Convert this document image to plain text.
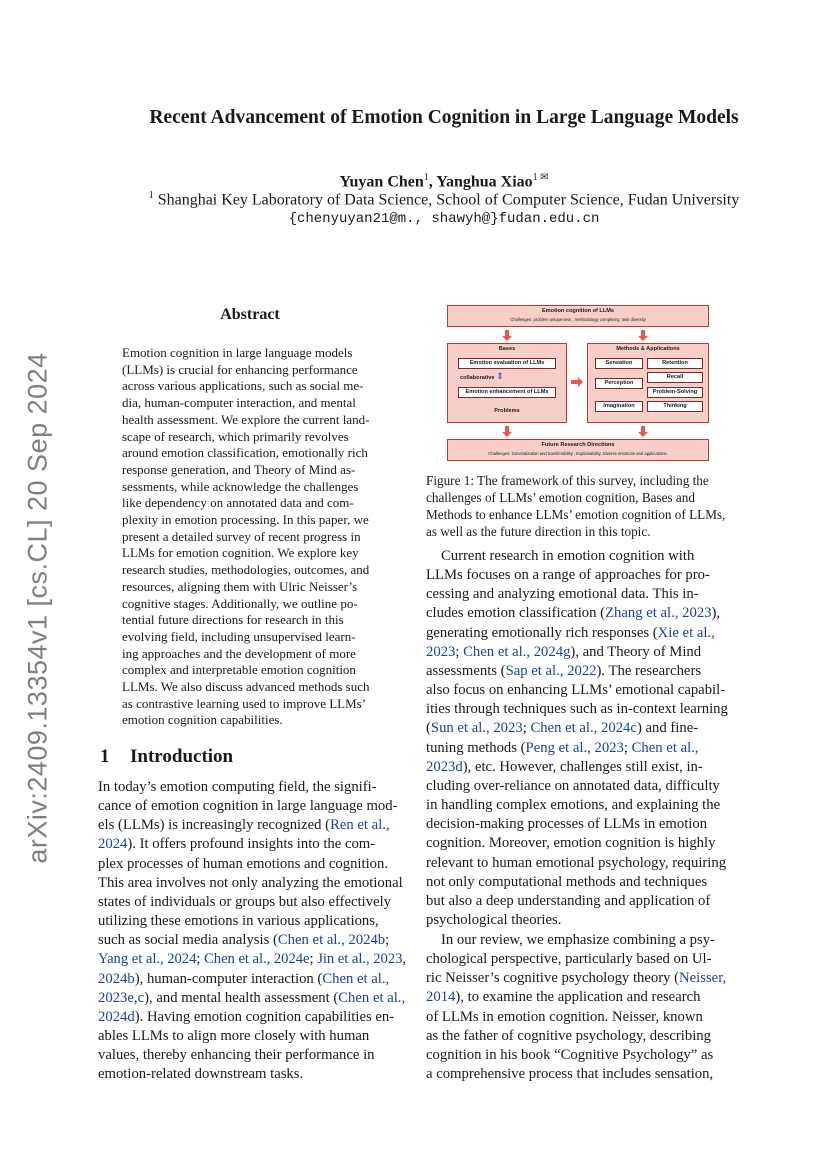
arXiv:2409.13354v1 [cs.CL] 20 Sep 2024
Recent Advancement of Emotion Cognition in Large Language Models
Yuyan Chen$^1$, Yanghua Xiao$^{1 ✉}$
$^1$ Shanghai Key Laboratory of Data Science, School of Computer Science, Fudan University
{chenyuyan21@m., shawyh@}fudan.edu.cn
Abstract

Emotion cognition in large language models

(LLMs) is crucial for enhancing performance

across various applications, such as social me-

dia, human-computer interaction, and mental

health assessment. We explore the current land-

scape of research, which primarily revolves

around emotion classification, emotionally rich

response generation, and Theory of Mind as-

sessments, while acknowledge the challenges

like dependency on annotated data and com-

plexity in emotion processing. In this paper, we

present a detailed survey of recent progress in

LLMs for emotion cognition. We explore key

research studies, methodologies, outcomes, and

resources, aligning them with Ulric Neisser’s

cognitive stages. Additionally, we outline po-

tential future directions for research in this

evolving field, including unsupervised learn-

ing approaches and the development of more

complex and interpretable emotion cognition

LLMs. We also discuss advanced methods such

as contrastive learning used to improve LLMs’

emotion cognition capabilities.

1 Introduction

In today’s emotion computing field, the signifi-

cance of emotion cognition in large language mod-

els (LLMs) is increasingly recognized (Ren et al.,

2024). It offers profound insights into the com-

plex processes of human emotions and cognition.

This area involves not only analyzing the emotional

states of individuals or groups but also effectively

utilizing these emotions in various applications,

such as social media analysis (Chen et al., 2024b;

Yang et al., 2024; Chen et al., 2024e; Jin et al., 2023,

2024b), human-computer interaction (Chen et al.,

2023e,c), and mental health assessment (Chen et al.,

2024d). Having emotion cognition capabilities en-

ables LLMs to align more closely with human

values, thereby enhancing their performance in

emotion-related downstream tasks.

Emotion cognition of LLMs
Challenges: problem uniqueness , methodology complexity, task diversity
Bases
Emotion evaluation of LLMs
collaborative ⇕
Emotion enhancement of LLMs
Problems
Methods & Applications
Sensation	Retention
Perception
Recall
Problem-Solving
Imagination	Thinking
Future Research Directions
Challenges: Generalization and transferability , Explainability, Diverse emotions and applications.

Figure 1: The framework of this survey, including the

challenges of LLMs’ emotion cognition, Bases and

Methods to enhance LLMs’ emotion cognition of LLMs,

as well as the future direction in this topic.

Current research in emotion cognition with

LLMs focuses on a range of approaches for pro-

cessing and analyzing emotional data. This in-

cludes emotion classification (Zhang et al., 2023),

generating emotionally rich responses (Xie et al.,

2023; Chen et al., 2024g), and Theory of Mind

assessments (Sap et al., 2022). The researchers

also focus on enhancing LLMs’ emotional capabil-

ities through techniques such as in-context learning

(Sun et al., 2023; Chen et al., 2024c) and fine-

tuning methods (Peng et al., 2023; Chen et al.,

2023d), etc. However, challenges still exist, in-

cluding over-reliance on annotated data, difficulty

in handling complex emotions, and explaining the

decision-making processes of LLMs in emotion

cognition. Moreover, emotion cognition is highly

relevant to human emotional psychology, requiring

not only computational methods and techniques

but also a deep understanding and application of

psychological theories.

In our review, we emphasize combining a psy-

chological perspective, particularly based on Ul-

ric Neisser’s cognitive psychology theory (Neisser,

2014), to examine the application and research

of LLMs in emotion cognition. Neisser, known

as the father of cognitive psychology, describing

cognition in his book “Cognitive Psychology” as

a comprehensive process that includes sensation,
